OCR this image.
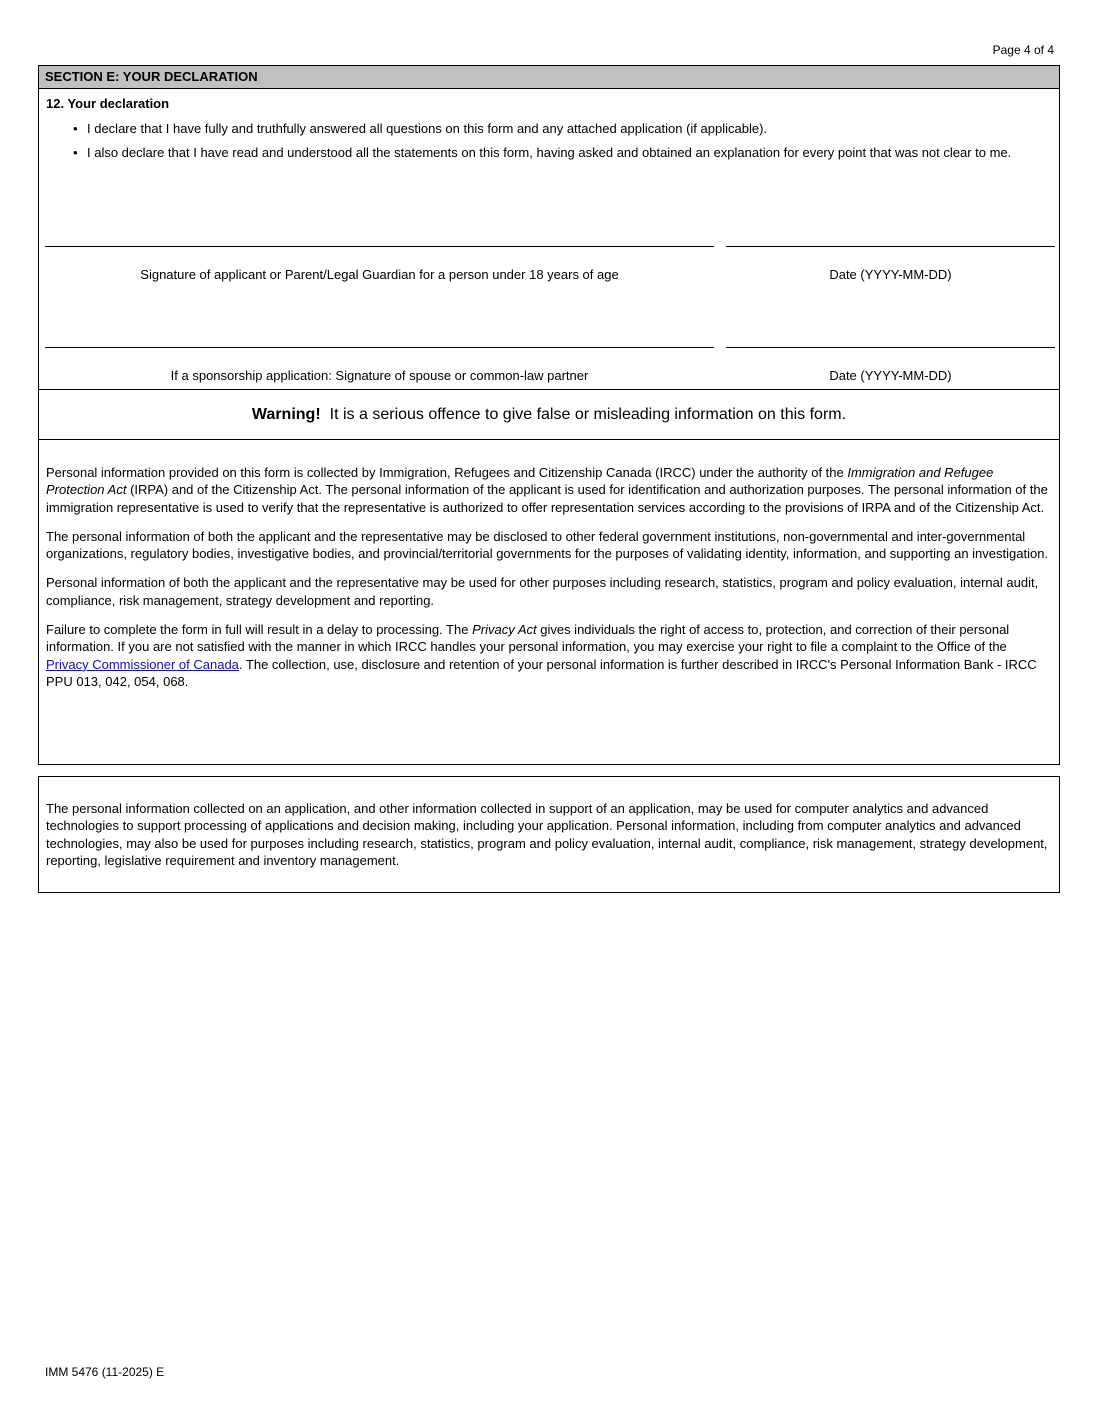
Page 4 of 4
SECTION E: YOUR DECLARATION
12. Your declaration
• I declare that I have fully and truthfully answered all questions on this form and any attached application (if applicable).
• I also declare that I have read and understood all the statements on this form, having asked and obtained an explanation for every point that was not clear to me.
Signature of applicant or Parent/Legal Guardian for a person under 18 years of age	Date (YYYY-MM-DD)
If a sponsorship application: Signature of spouse or common-law partner	Date (YYYY-MM-DD)
Warning! It is a serious offence to give false or misleading information on this form.

Personal information provided on this form is collected by Immigration, Refugees and Citizenship Canada (IRCC) under the authority of the Immigration and Refugee Protection Act (IRPA) and of the Citizenship Act. The personal information of the applicant is used for identification and authorization purposes. The personal information of the immigration representative is used to verify that the representative is authorized to offer representation services according to the provisions of IRPA and of the Citizenship Act.

The personal information of both the applicant and the representative may be disclosed to other federal government institutions, non-governmental and inter-governmental organizations, regulatory bodies, investigative bodies, and provincial/territorial governments for the purposes of validating identity, information, and supporting an investigation.

Personal information of both the applicant and the representative may be used for other purposes including research, statistics, program and policy evaluation, internal audit, compliance, risk management, strategy development and reporting.

Failure to complete the form in full will result in a delay to processing. The Privacy Act gives individuals the right of access to, protection, and correction of their personal information. If you are not satisfied with the manner in which IRCC handles your personal information, you may exercise your right to file a complaint to the Office of the Privacy Commissioner of Canada. The collection, use, disclosure and retention of your personal information is further described in IRCC's Personal Information Bank - IRCC PPU 013, 042, 054, 068.

The personal information collected on an application, and other information collected in support of an application, may be used for computer analytics and advanced technologies to support processing of applications and decision making, including your application. Personal information, including from computer analytics and advanced technologies, may also be used for purposes including research, statistics, program and policy evaluation, internal audit, compliance, risk management, strategy development, reporting, legislative requirement and inventory management.
IMM 5476 (11-2025) E
